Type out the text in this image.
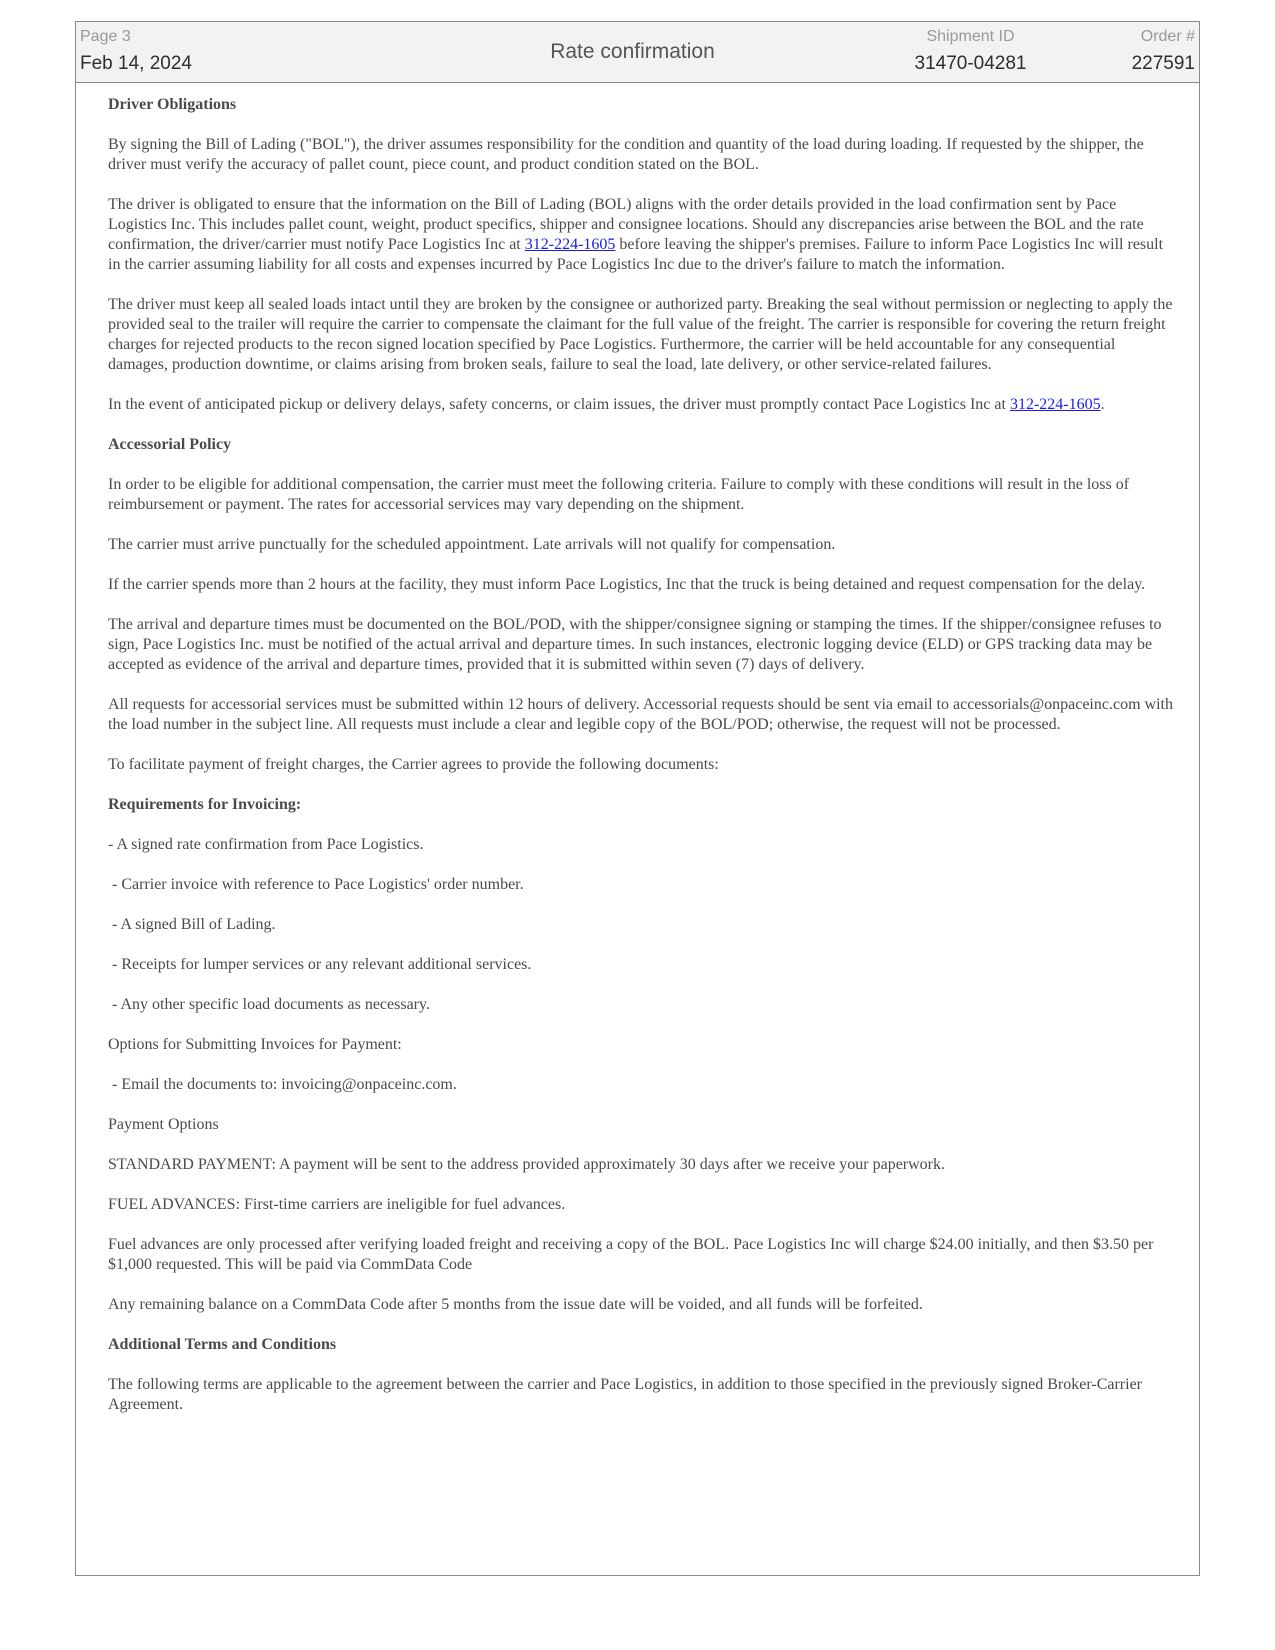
Page 3
Feb 14, 2024
Rate confirmation
Shipment ID
31470-04281
Order #
227591
Driver Obligations

By signing the Bill of Lading ("BOL"), the driver assumes responsibility for the condition and quantity of the load during loading. If requested by the shipper, the driver must verify the accuracy of pallet count, piece count, and product condition stated on the BOL.

The driver is obligated to ensure that the information on the Bill of Lading (BOL) aligns with the order details provided in the load confirmation sent by Pace Logistics Inc. This includes pallet count, weight, product specifics, shipper and consignee locations. Should any discrepancies arise between the BOL and the rate confirmation, the driver/carrier must notify Pace Logistics Inc at 312-224-1605 before leaving the shipper's premises. Failure to inform Pace Logistics Inc will result in the carrier assuming liability for all costs and expenses incurred by Pace Logistics Inc due to the driver's failure to match the information.

The driver must keep all sealed loads intact until they are broken by the consignee or authorized party. Breaking the seal without permission or neglecting to apply the provided seal to the trailer will require the carrier to compensate the claimant for the full value of the freight. The carrier is responsible for covering the return freight charges for rejected products to the recon signed location specified by Pace Logistics. Furthermore, the carrier will be held accountable for any consequential damages, production downtime, or claims arising from broken seals, failure to seal the load, late delivery, or other service-related failures.

In the event of anticipated pickup or delivery delays, safety concerns, or claim issues, the driver must promptly contact Pace Logistics Inc at 312-224-1605.

Accessorial Policy

In order to be eligible for additional compensation, the carrier must meet the following criteria. Failure to comply with these conditions will result in the loss of reimbursement or payment. The rates for accessorial services may vary depending on the shipment.

The carrier must arrive punctually for the scheduled appointment. Late arrivals will not qualify for compensation.

If the carrier spends more than 2 hours at the facility, they must inform Pace Logistics, Inc that the truck is being detained and request compensation for the delay.

The arrival and departure times must be documented on the BOL/POD, with the shipper/consignee signing or stamping the times. If the shipper/consignee refuses to sign, Pace Logistics Inc. must be notified of the actual arrival and departure times. In such instances, electronic logging device (ELD) or GPS tracking data may be accepted as evidence of the arrival and departure times, provided that it is submitted within seven (7) days of delivery.

All requests for accessorial services must be submitted within 12 hours of delivery. Accessorial requests should be sent via email to accessorials@onpaceinc.com with the load number in the subject line. All requests must include a clear and legible copy of the BOL/POD; otherwise, the request will not be processed.

To facilitate payment of freight charges, the Carrier agrees to provide the following documents:

Requirements for Invoicing:

- A signed rate confirmation from Pace Logistics.

- Carrier invoice with reference to Pace Logistics' order number.

- A signed Bill of Lading.

- Receipts for lumper services or any relevant additional services.

- Any other specific load documents as necessary.

Options for Submitting Invoices for Payment:

- Email the documents to: invoicing@onpaceinc.com.

Payment Options

STANDARD PAYMENT: A payment will be sent to the address provided approximately 30 days after we receive your paperwork.

FUEL ADVANCES: First-time carriers are ineligible for fuel advances.

Fuel advances are only processed after verifying loaded freight and receiving a copy of the BOL. Pace Logistics Inc will charge $24.00 initially, and then $3.50 per $1,000 requested. This will be paid via CommData Code

Any remaining balance on a CommData Code after 5 months from the issue date will be voided, and all funds will be forfeited.

Additional Terms and Conditions

The following terms are applicable to the agreement between the carrier and Pace Logistics, in addition to those specified in the previously signed Broker-Carrier Agreement.
